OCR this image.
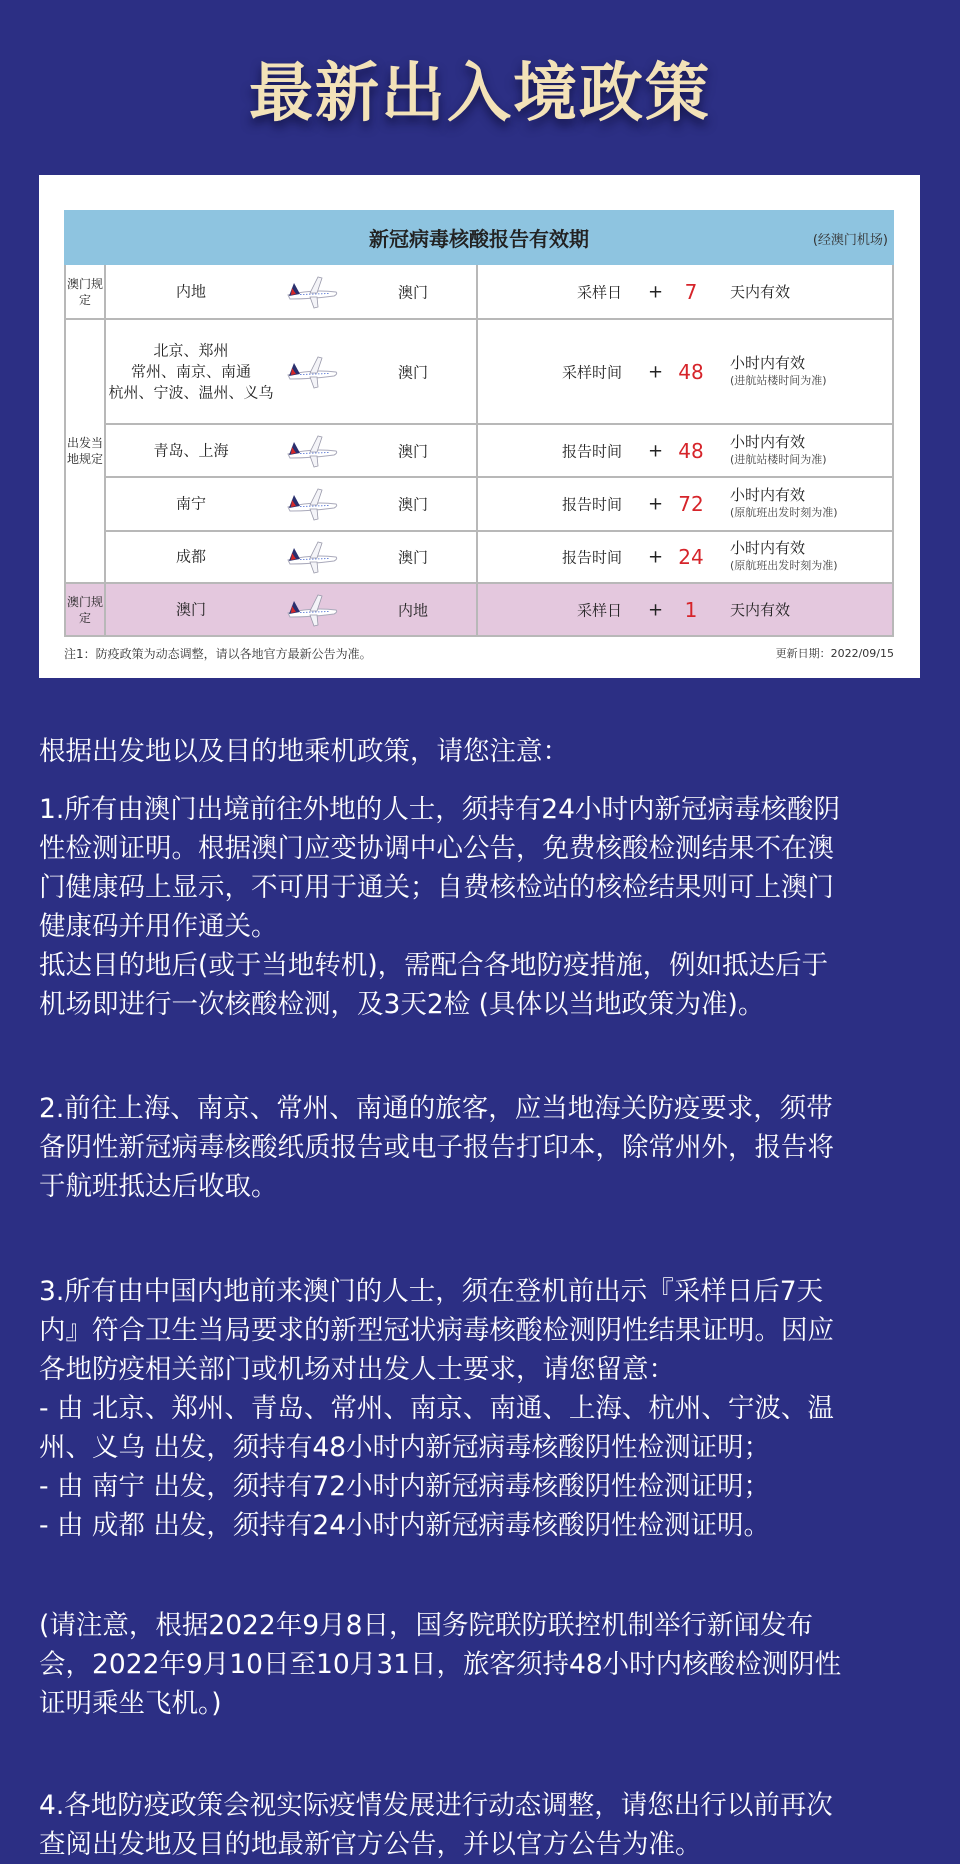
最新出入境政策
新冠病毒核酸报告有效期 (经澳门机场)		

澳门规定	内地 澳门	采样日 + 7 天内有效

出发当地规定	北京、郑州
常州、南京、南通
杭州、宁波、温州、义乌
澳门	采样时间 + 48 小时内有效
(进航站楼时间为准)

	青岛、上海 澳门	报告时间 + 48 小时内有效
(进航站楼时间为准)

	南宁 澳门	报告时间 + 72 小时内有效
(原航班出发时刻为准)

	成都 澳门	报告时间 + 24 小时内有效
(原航班出发时刻为准)

澳门规定	澳门 内地	采样日 + 1 天内有效
注1：防疫政策为动态调整，请以各地官方最新公告为准。	更新日期：2022/09/15
根据出发地以及目的地乘机政策，请您注意：
1.所有由澳门出境前往外地的人士，须持有24小时内新冠病毒核酸阴
性检测证明。根据澳门应变协调中心公告，免费核酸检测结果不在澳
门健康码上显示，不可用于通关；自费核检站的核检结果则可上澳门
健康码并用作通关。
抵达目的地后(或于当地转机)，需配合各地防疫措施，例如抵达后于
机场即进行一次核酸检测，及3天2检 (具体以当地政策为准)。
2.前往上海、南京、常州、南通的旅客，应当地海关防疫要求，须带
备阴性新冠病毒核酸纸质报告或电子报告打印本，除常州外，报告将
于航班抵达后收取。
3.所有由中国内地前来澳门的人士，须在登机前出示『采样日后7天
内』符合卫生当局要求的新型冠状病毒核酸检测阴性结果证明。因应
各地防疫相关部门或机场对出发人士要求，请您留意：
- 由 北京、郑州、青岛、常州、南京、南通、上海、杭州、宁波、温
州、义乌 出发，须持有48小时内新冠病毒核酸阴性检测证明；
- 由 南宁 出发，须持有72小时内新冠病毒核酸阴性检测证明；
- 由 成都 出发，须持有24小时内新冠病毒核酸阴性检测证明。
(请注意，根据2022年9月8日，国务院联防联控机制举行新闻发布
会，2022年9月10日至10月31日，旅客须持48小时内核酸检测阴性
证明乘坐飞机。)
4.各地防疫政策会视实际疫情发展进行动态调整，请您出行以前再次
查阅出发地及目的地最新官方公告，并以官方公告为准。
